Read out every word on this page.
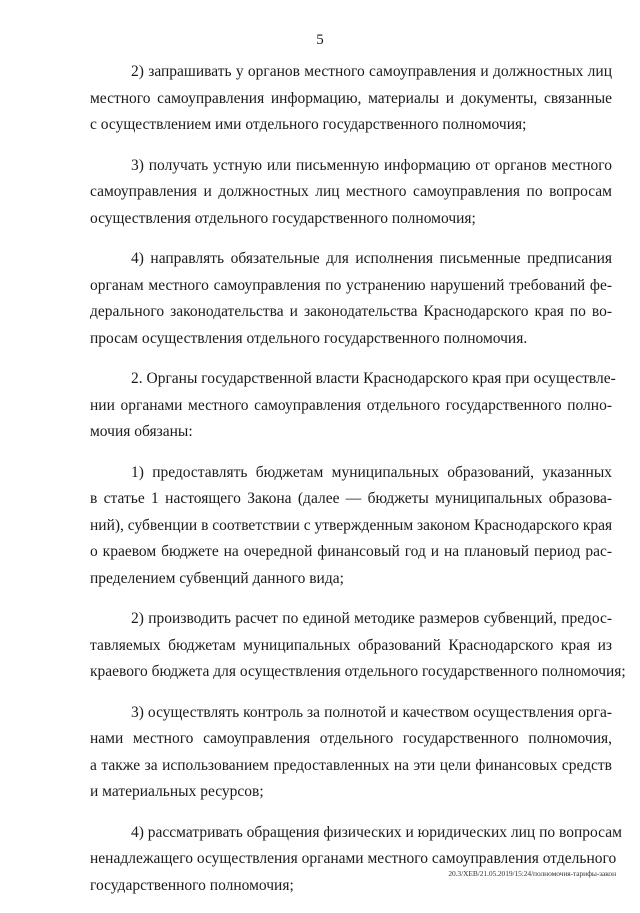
5

2) запрашивать у органов местного самоуправления и должностных лиц
местного самоуправления информацию, материалы и документы, связанные
с осуществлением ими отдельного государственного полномочия;

3) получать устную или письменную информацию от органов местного
самоуправления и должностных лиц местного самоуправления по вопросам
осуществления отдельного государственного полномочия;

4) направлять обязательные для исполнения письменные предписания
органам местного самоуправления по устранению нарушений требований фе-
дерального законодательства и законодательства Краснодарского края по во-
просам осуществления отдельного государственного полномочия.

2. Органы государственной власти Краснодарского края при осуществле-
нии органами местного самоуправления отдельного государственного полно-
мочия обязаны:

1) предоставлять бюджетам муниципальных образований, указанных
в статье 1 настоящего Закона (далее — бюджеты муниципальных образова-
ний), субвенции в соответствии с утвержденным законом Краснодарского края
о краевом бюджете на очередной финансовый год и на плановый период рас-
пределением субвенций данного вида;

2) производить расчет по единой методике размеров субвенций, предос-
тавляемых бюджетам муниципальных образований Краснодарского края из
краевого бюджета для осуществления отдельного государственного полномочия;

3) осуществлять контроль за полнотой и качеством осуществления орга-
нами местного самоуправления отдельного государственного полномочия,
а также за использованием предоставленных на эти цели финансовых средств
и материальных ресурсов;

4) рассматривать обращения физических и юридических лиц по вопросам
ненадлежащего осуществления органами местного самоуправления отдельного
государственного полномочия;

20.3/ХЕВ/21.05.2019/15:24/полномочия-тарифы-закон
